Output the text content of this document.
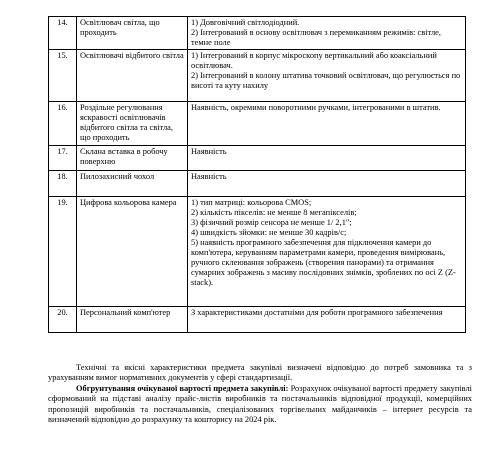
14.	Освітлювач світла, що проходить	1) Довговічний світлодіодний.
2) Інтегрований в основу освітлювач з перемиканням режимів: світле, темне поле

15.	Освітлювачі відбитого світла	1) Інтегрований в корпус мікроскопу вертикальний або коаксіальний освітлювач.
2) Інтегрований в колону штатива точковий освітлювач, що регулюється по висоті та куту нахилу

16.	Роздільне регулювання яскравості освітлювачів відбитого світла та світла, що проходить	Наявність, окремими поворотними ручками, інтегрованими в штатив.

17.	Склана вставка в робочу поверхню	Наявність

18.	Пилозахисний чохол	Наявність

19.	Цифрова кольорова камера	1) тип матриці: кольорова CMOS;
2) кількість пікселів: не менше 8 мегапікселів;
3) фізичний розмір сенсора не менше 1/ 2,1";
4) швидкість зйомки: не менше 30 кадрів/с;
5) наявність програмного забезпечення для підключення камери до комп'ютера, керуванням параметрами камери, проведення вимірювань, ручного склеювання зображень (створення панорами) та отримання сумарних зображень з масиву послідовних знімків, зроблених по осі Z (Z-stack).

20.	Персональний комп'ютер	З характеристиками достатніми для роботи програмного забезпечення
Технічні та якісні характеристики предмета закупівлі визначені відповідно до потреб замовника та з урахуванням вимог нормативних документів у сфері стандартизації.
Обгрунтування очікуваної вартості предмета закупівлі: Розрахунок очікуваної вартості предмету закупівлі сформований на підставі аналізу прайс-листів виробників та постачальників відповідної продукції, комерційних пропозицій виробників та постачальників, спеціалізованих торгівельних майданчиків – інтернет ресурсів та визначений відповідно до розрахунку та кошторису на 2024 рік.
